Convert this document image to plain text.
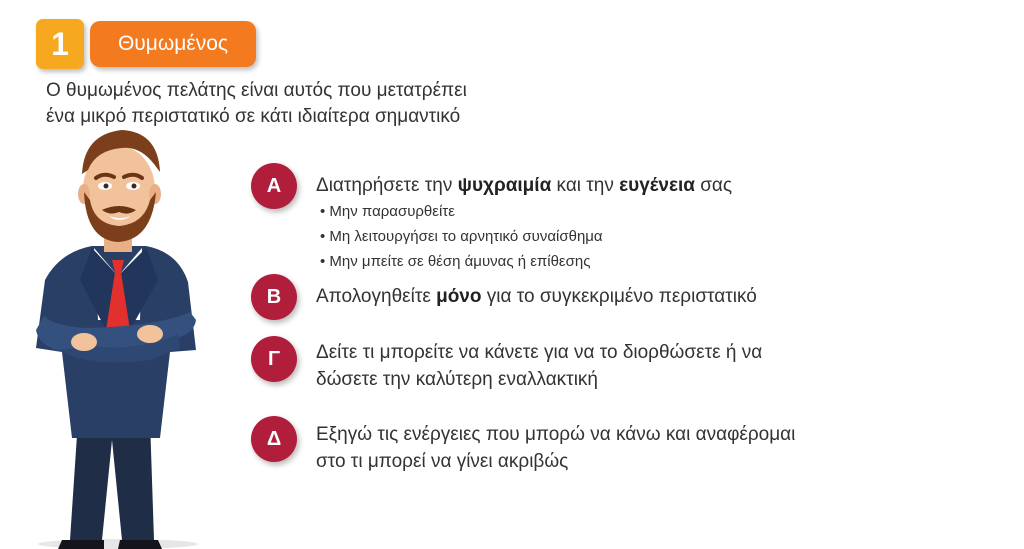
1	Θυμωμένος
Ο θυμωμένος πελάτης είναι αυτός που μετατρέπει
ένα μικρό περιστατικό σε κάτι ιδιαίτερα σημαντικό
Α	Διατηρήσετε την ψυχραιμία και την ευγένεια σας
• Μην παρασυρθείτε
• Μη λειτουργήσει το αρνητικό συναίσθημα
• Μην μπείτε σε θέση άμυνας ή επίθεσης
Β	Απολογηθείτε μόνο για το συγκεκριμένο περιστατικό
Γ	Δείτε τι μπορείτε να κάνετε για να το διορθώσετε ή να
δώσετε την καλύτερη εναλλακτική
Δ	Εξηγώ τις ενέργειες που μπορώ να κάνω και αναφέρομαι
στο τι μπορεί να γίνει ακριβώς
